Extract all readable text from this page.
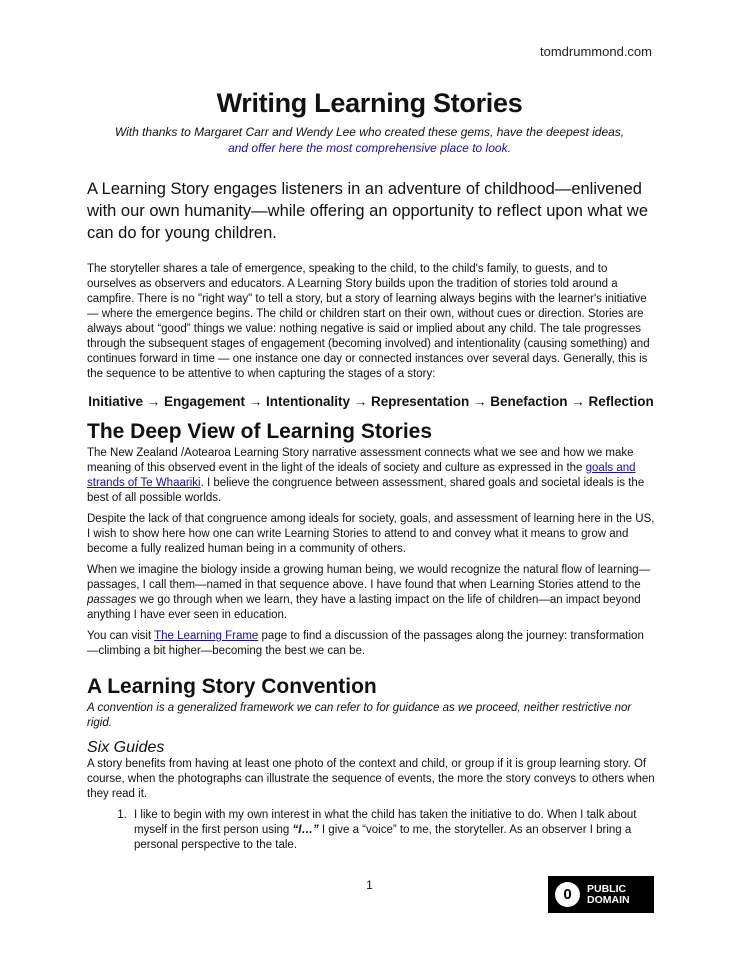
tomdrummond.com
Writing Learning Stories
With thanks to Margaret Carr and Wendy Lee who created these gems, have the deepest ideas,
and offer here the most comprehensive place to look.
A Learning Story engages listeners in an adventure of childhood—enlivened with our own humanity—while offering an opportunity to reflect upon what we can do for young children.

The storyteller shares a tale of emergence, speaking to the child, to the child's family, to guests, and to ourselves as observers and educators. A Learning Story builds upon the tradition of stories told around a campfire. There is no "right way" to tell a story, but a story of learning always begins with the learner's initiative — where the emergence begins. The child or children start on their own, without cues or direction. Stories are always about “good” things we value: nothing negative is said or implied about any child. The tale progresses through the subsequent stages of engagement (becoming involved) and intentionality (causing something) and continues forward in time — one instance one day or connected instances over several days. Generally, this is the sequence to be attentive to when capturing the stages of a story:

Initiative → Engagement → Intentionality → Representation → Benefaction → Reflection
The Deep View of Learning Stories

The New Zealand /Aotearoa Learning Story narrative assessment connects what we see and how we make meaning of this observed event in the light of the ideals of society and culture as expressed in the goals and strands of Te Whaariki. I believe the congruence between assessment, shared goals and societal ideals is the best of all possible worlds.

Despite the lack of that congruence among ideals for society, goals, and assessment of learning here in the US, I wish to show here how one can write Learning Stories to attend to and convey what it means to grow and become a fully realized human being in a community of others.

When we imagine the biology inside a growing human being, we would recognize the natural flow of learning—passages, I call them—named in that sequence above. I have found that when Learning Stories attend to the passages we go through when we learn, they have a lasting impact on the life of children—an impact beyond anything I have ever seen in education.

You can visit The Learning Frame page to find a discussion of the passages along the journey: transformation—climbing a bit higher—becoming the best we can be.

A Learning Story Convention

A convention is a generalized framework we can refer to for guidance as we proceed, neither restrictive nor rigid.

Six Guides

A story benefits from having at least one photo of the context and child, or group if it is group learning story. Of course, when the photographs can illustrate the sequence of events, the more the story conveys to others when they read it.

1. I like to begin with my own interest in what the child has taken the initiative to do. When I talk about myself in the first person using “I…” I give a “voice” to me, the storyteller. As an observer I bring a personal perspective to the tale.
1
0 PUBLIC
DOMAIN
